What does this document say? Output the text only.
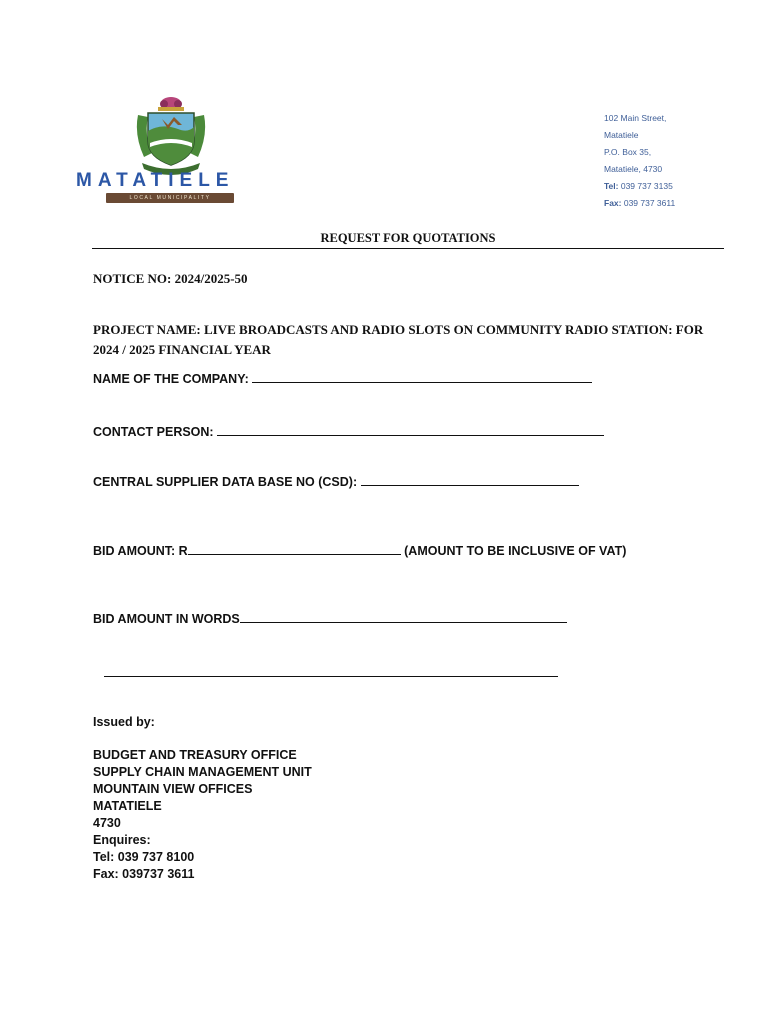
MATATIELE
LOCAL MUNICIPALITY
102 Main Street,
Matatiele
P.O. Box 35,
Matatiele, 4730
Tel: 039 737 3135
Fax: 039 737 3611
REQUEST FOR QUOTATIONS
NOTICE NO: 2024/2025-50
PROJECT NAME: LIVE BROADCASTS AND RADIO SLOTS ON COMMUNITY RADIO STATION: FOR 2024 / 2025 FINANCIAL YEAR
NAME OF THE COMPANY:
CONTACT PERSON:
CENTRAL SUPPLIER DATA BASE NO (CSD):
BID AMOUNT: R	(AMOUNT TO BE INCLUSIVE OF VAT)
BID AMOUNT IN WORDS
Issued by:
BUDGET AND TREASURY OFFICE
SUPPLY CHAIN MANAGEMENT UNIT
MOUNTAIN VIEW OFFICES
MATATIELE
4730
Enquires:
Tel: 039 737 8100
Fax: 039737 3611
